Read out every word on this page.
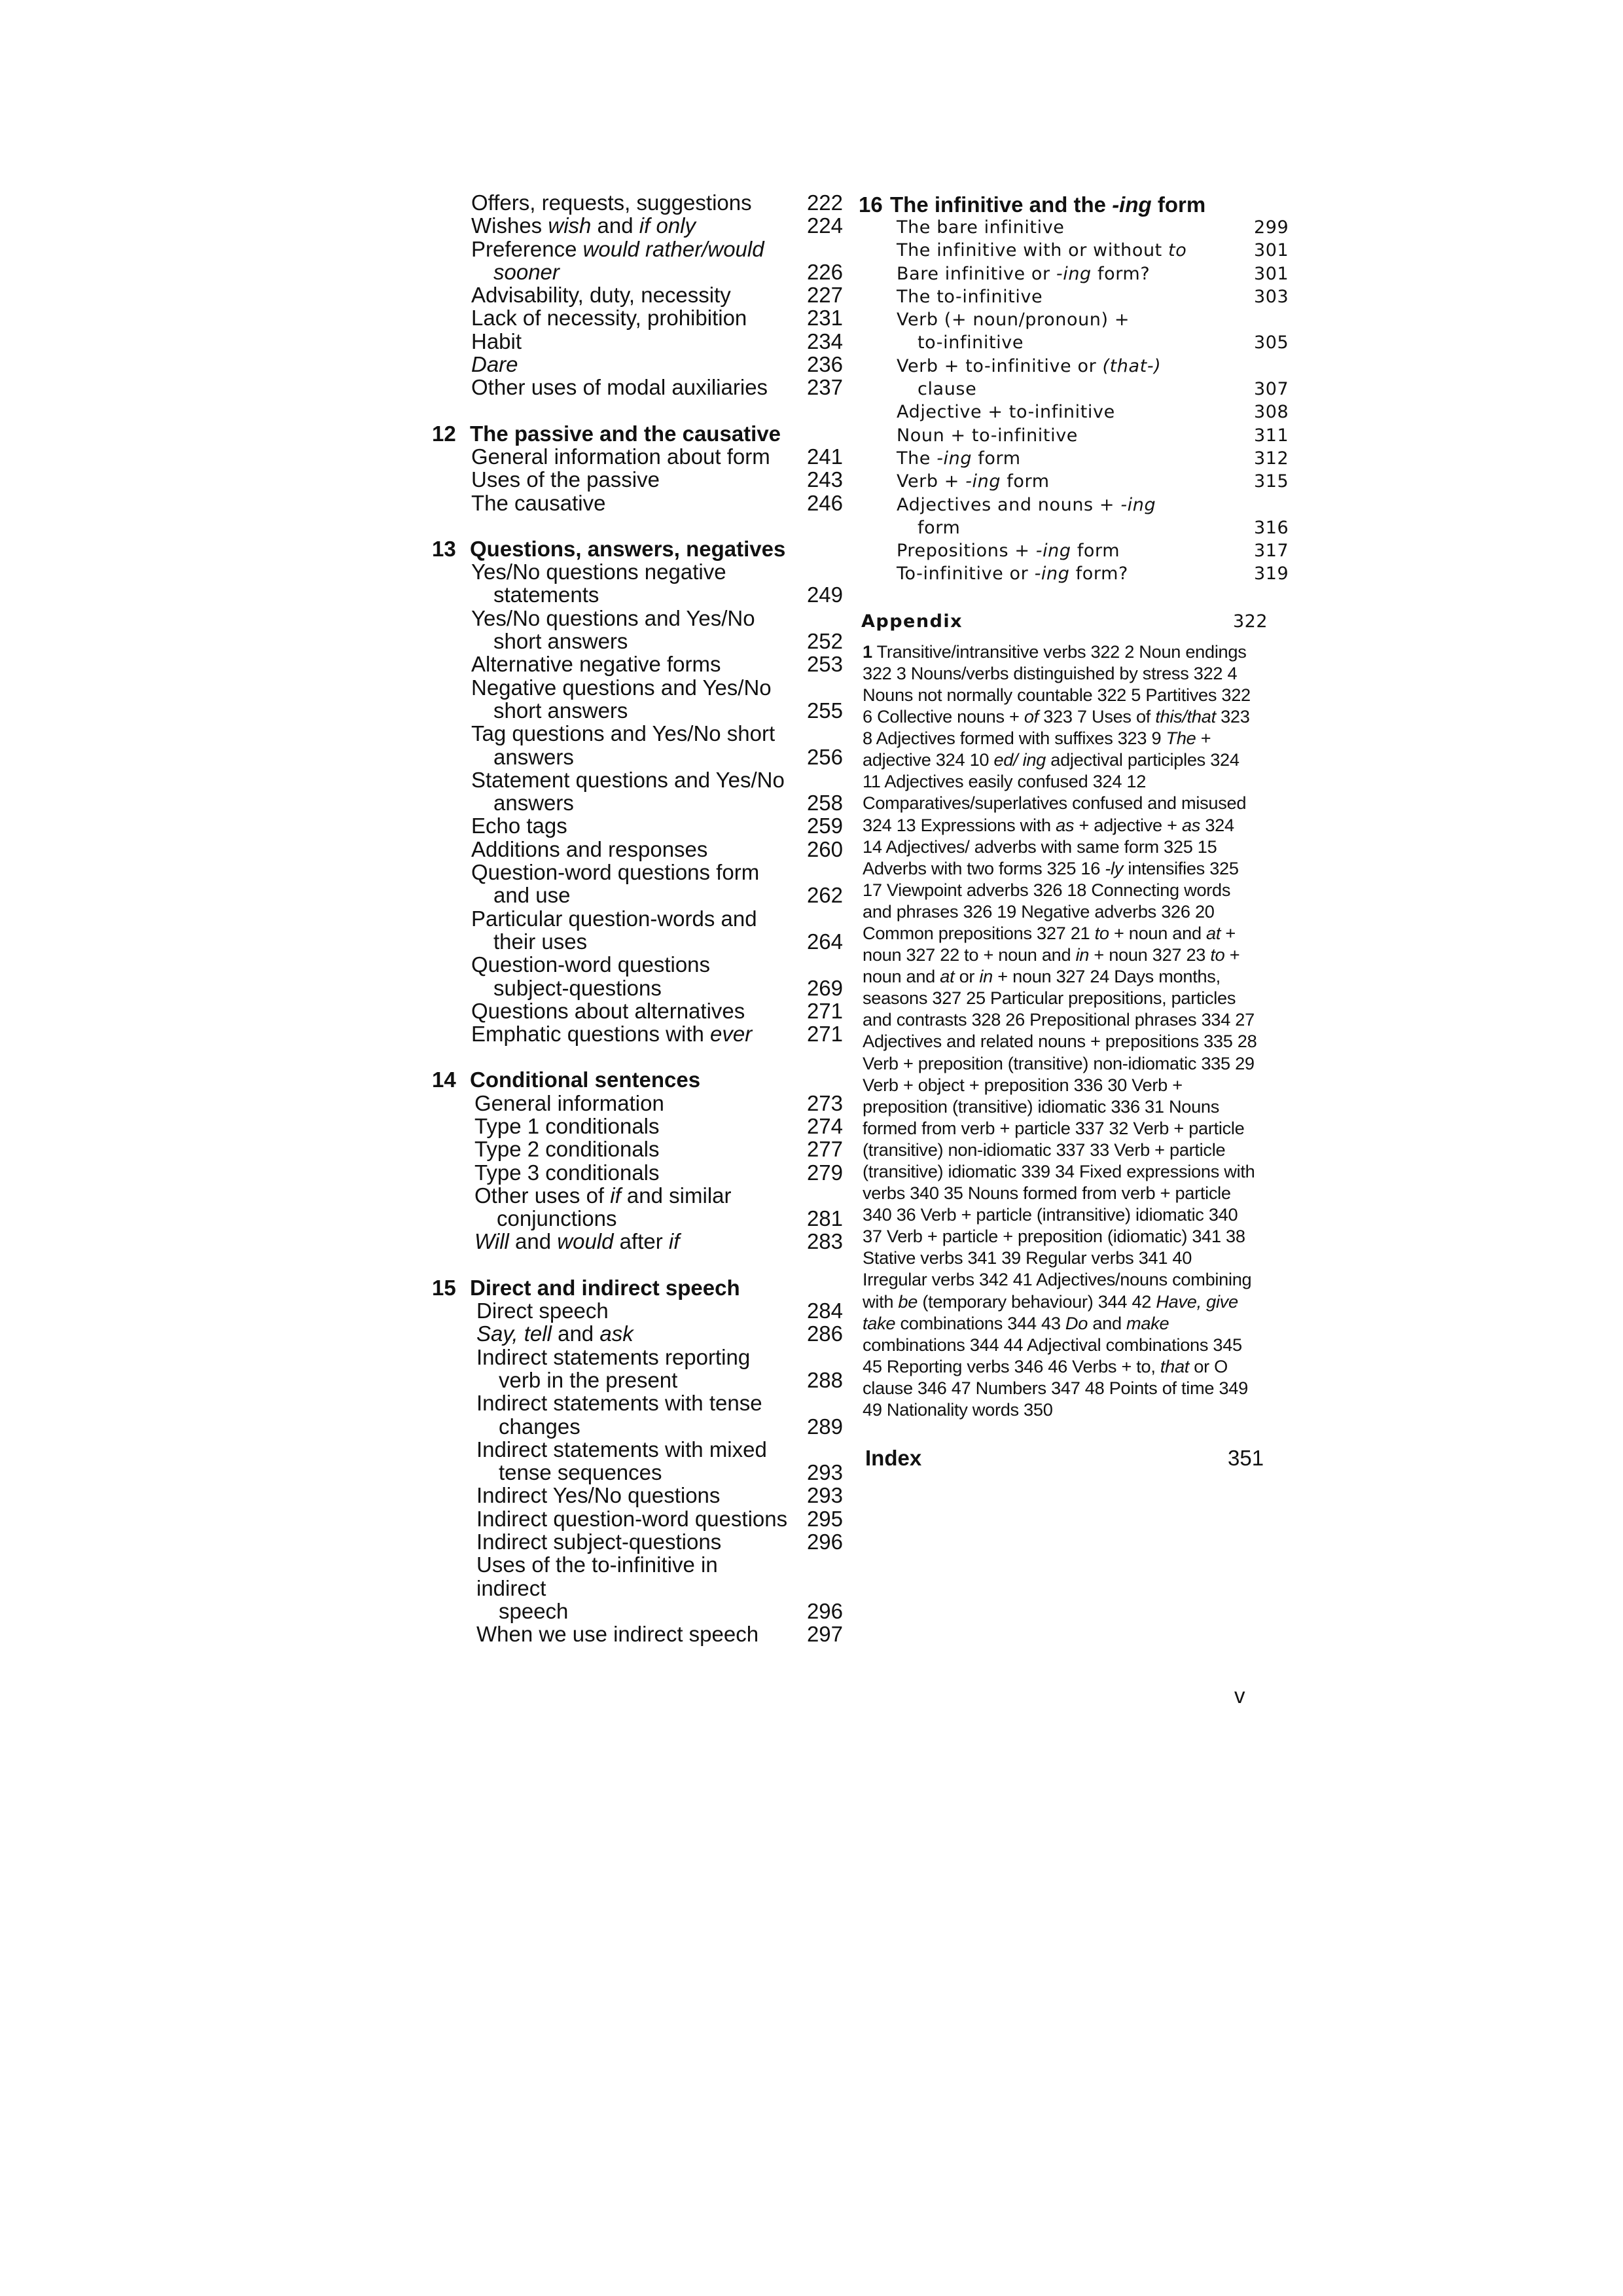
Offers, requests, suggestions	222
Wishes wish and if only	224
Preference would rather/would
sooner	226
Advisability, duty, necessity	227
Lack of necessity, prohibition	231
Habit	234
Dare	236
Other uses of modal auxiliaries	237
12 The passive and the causative
General information about form	241
Uses of the passive	243
The causative	246
13 Questions, answers, negatives
Yes/No questions negative
statements	249
Yes/No questions and Yes/No
short answers	252
Alternative negative forms	253
Negative questions and Yes/No
short answers	255
Tag questions and Yes/No short
answers	256
Statement questions and Yes/No
answers	258
Echo tags	259
Additions and responses	260
Question-word questions form
and use	262
Particular question-words and
their uses	264
Question-word questions
subject-questions	269
Questions about alternatives	271
Emphatic questions with ever	271
14 Conditional sentences
General information	273
Type 1 conditionals	274
Type 2 conditionals	277
Type 3 conditionals	279
Other uses of if and similar
conjunctions	281
Will and would after if	283
15 Direct and indirect speech
Direct speech	284
Say, tell and ask	286
Indirect statements reporting
verb in the present	288
Indirect statements with tense
changes	289
Indirect statements with mixed
tense sequences	293
Indirect Yes/No questions	293
Indirect question-word questions 295
Indirect subject-questions	296
Uses of the to-infinitive in indirect
speech	296
When we use indirect speech	297
16 The infinitive and the -ing form
The bare infinitive	299
The infinitive with or without to	301
Bare infinitive or -ing form?	301
The to-infinitive	303
Verb (+ noun/pronoun) +
to-infinitive	305
Verb + to-infinitive or (that-)
clause	307
Adjective + to-infinitive	308
Noun + to-infinitive	311
The -ing form	312
Verb + -ing form	315
Adjectives and nouns + -ing
form	316
Prepositions + -ing form	317
To-infinitive or -ing form?	319
Appendix	322
1 Transitive/intransitive verbs 322 2 Noun endings 322 3 Nouns/verbs distinguished by stress 322 4 Nouns not normally countable 322 5 Partitives 322 6 Collective nouns + of 323 7 Uses of this/that 323 8 Adjectives formed with suffixes 323 9 The + adjective 324 10 ed/ ing adjectival participles 324 11 Adjectives easily confused 324 12 Comparatives/superlatives confused and misused 324 13 Expressions with as + adjective + as 324 14 Adjectives/ adverbs with same form 325 15 Adverbs with two forms 325 16 -ly intensifies 325 17 Viewpoint adverbs 326 18 Connecting words and phrases 326 19 Negative adverbs 326 20 Common prepositions 327 21 to + noun and at + noun 327 22 to + noun and in + noun 327 23 to + noun and at or in + noun 327 24 Days months, seasons 327 25 Particular prepositions, particles and contrasts 328 26 Prepositional phrases 334 27 Adjectives and related nouns + prepositions 335 28 Verb + preposition (transitive) non-idiomatic 335 29 Verb + object + preposition 336 30 Verb + preposition (transitive) idiomatic 336 31 Nouns formed from verb + particle 337 32 Verb + particle (transitive) non-idiomatic 337 33 Verb + particle (transitive) idiomatic 339 34 Fixed expressions with verbs 340 35 Nouns formed from verb + particle 340 36 Verb + particle (intransitive) idiomatic 340 37 Verb + particle + preposition (idiomatic) 341 38 Stative verbs 341 39 Regular verbs 341 40 Irregular verbs 342 41 Adjectives/nouns combining with be (temporary behaviour) 344 42 Have, give take combinations 344 43 Do and make combinations 344 44 Adjectival combinations 345 45 Reporting verbs 346 46 Verbs + to, that or O clause 346 47 Numbers 347 48 Points of time 349 49 Nationality words 350
Index	351
v
